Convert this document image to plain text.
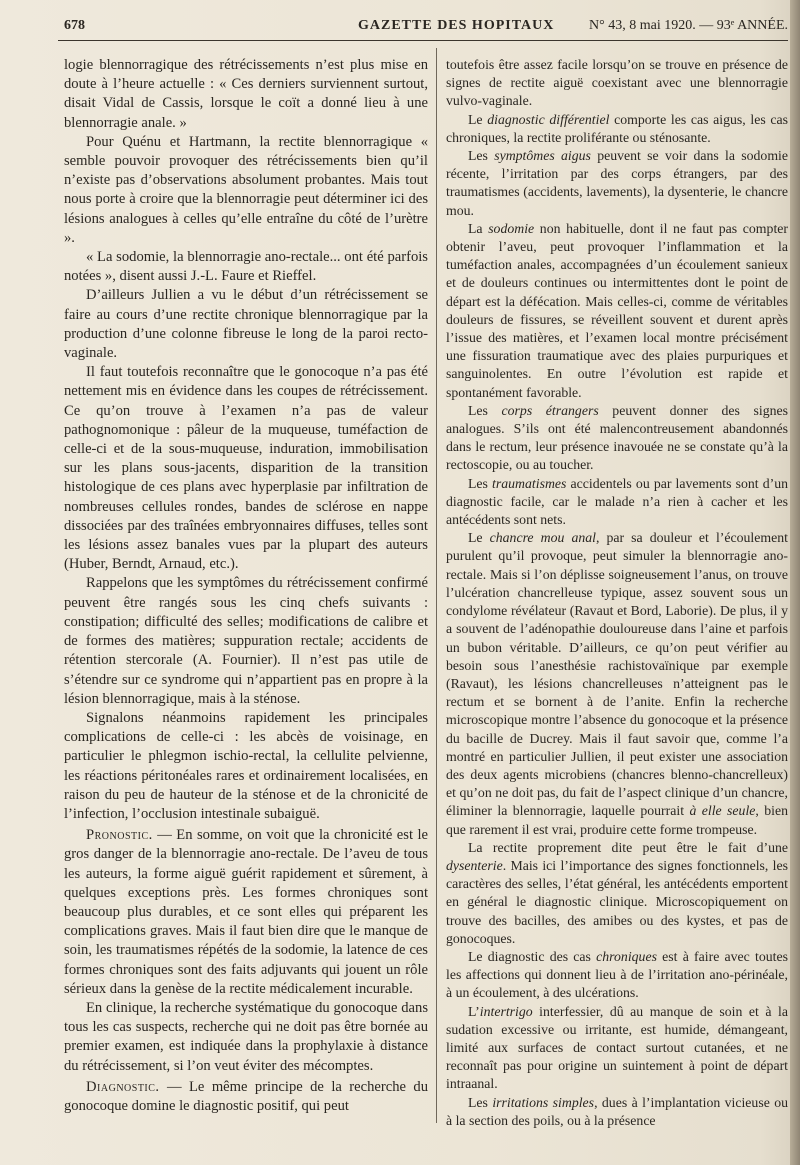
678	GAZETTE DES HOPITAUX N° 43, 8 mai 1920. — 93ᵉ ANNÉE.

logie blennorragique des rétrécissements n’est plus mise en doute à l’heure actuelle : « Ces derniers surviennent surtout, disait Vidal de Cassis, lorsque le coït a donné lieu à une blennorragie anale. »

Pour Quénu et Hartmann, la rectite blennorragique « semble pouvoir provoquer des rétrécissements bien qu’il n’existe pas d’observations absolument probantes. Mais tout nous porte à croire que la blennorragie peut déterminer ici des lésions analogues à celles qu’elle entraîne du côté de l’urètre ».

« La sodomie, la blennorragie ano-rectale... ont été parfois notées », disent aussi J.-L. Faure et Rieffel.

D’ailleurs Jullien a vu le début d’un rétrécissement se faire au cours d’une rectite chronique blennorragique par la production d’une colonne fibreuse le long de la paroi recto-vaginale.

Il faut toutefois reconnaître que le gonocoque n’a pas été nettement mis en évidence dans les coupes de rétrécissement. Ce qu’on trouve à l’examen n’a pas de valeur pathognomonique : pâleur de la muqueuse, tuméfaction de celle-ci et de la sous-muqueuse, induration, immobilisation sur les plans sous-jacents, disparition de la transition histologique de ces plans avec hyperplasie par infiltration de nombreuses cellules rondes, bandes de sclérose en nappe dissociées par des traînées embryonnaires diffuses, telles sont les lésions assez banales vues par la plupart des auteurs (Huber, Berndt, Arnaud, etc.).

Rappelons que les symptômes du rétrécissement confirmé peuvent être rangés sous les cinq chefs suivants : constipation; difficulté des selles; modifications de calibre et de formes des matières; suppuration rectale; accidents de rétention stercorale (A. Fournier). Il n’est pas utile de s’étendre sur ce syndrome qui n’appartient pas en propre à la lésion blennorragique, mais à la sténose.

Signalons néanmoins rapidement les principales complications de celle-ci : les abcès de voisinage, en particulier le phlegmon ischio-rectal, la cellulite pelvienne, les réactions péritonéales rares et ordinairement localisées, en raison du peu de hauteur de la sténose et de la chronicité de l’infection, l’occlusion intestinale subaiguë.

Pronostic. — En somme, on voit que la chronicité est le gros danger de la blennorragie ano-rectale. De l’aveu de tous les auteurs, la forme aiguë guérit rapidement et sûrement, à quelques exceptions près. Les formes chroniques sont beaucoup plus durables, et ce sont elles qui préparent les complications graves. Mais il faut bien dire que le manque de soin, les traumatismes répétés de la sodomie, la latence de ces formes chroniques sont des faits adjuvants qui jouent un rôle sérieux dans la genèse de la rectite médicalement incurable.

En clinique, la recherche systématique du gonocoque dans tous les cas suspects, recherche qui ne doit pas être bornée au premier examen, est indiquée dans la prophylaxie à distance du rétrécissement, si l’on veut éviter des mécomptes.

Diagnostic. — Le même principe de la recherche du gonocoque domine le diagnostic positif, qui peut

toutefois être assez facile lorsqu’on se trouve en présence de signes de rectite aiguë coexistant avec une blennorragie vulvo-vaginale.

Le diagnostic différentiel comporte les cas aigus, les cas chroniques, la rectite proliférante ou sténosante.

Les symptômes aigus peuvent se voir dans la sodomie récente, l’irritation par des corps étrangers, par des traumatismes (accidents, lavements), la dysenterie, le chancre mou.

La sodomie non habituelle, dont il ne faut pas compter obtenir l’aveu, peut provoquer l’inflammation et la tuméfaction anales, accompagnées d’un écoulement sanieux et de douleurs continues ou intermittentes dont le point de départ est la défécation. Mais celles-ci, comme de véritables douleurs de fissures, se réveillent souvent et durent après l’issue des matières, et l’examen local montre précisément une fissuration traumatique avec des plaies purpuriques et sanguinolentes. En outre l’évolution est rapide et spontanément favorable.

Les corps étrangers peuvent donner des signes analogues. S’ils ont été malencontreusement abandonnés dans le rectum, leur présence inavouée ne se constate qu’à la rectoscopie, ou au toucher.

Les traumatismes accidentels ou par lavements sont d’un diagnostic facile, car le malade n’a rien à cacher et les antécédents sont nets.

Le chancre mou anal, par sa douleur et l’écoulement purulent qu’il provoque, peut simuler la blennorragie ano-rectale. Mais si l’on déplisse soigneusement l’anus, on trouve l’ulcération chancrelleuse typique, assez souvent sous un condylome révélateur (Ravaut et Bord, Laborie). De plus, il y a souvent de l’adénopathie douloureuse dans l’aine et parfois un bubon véritable. D’ailleurs, ce qu’on peut vérifier au besoin sous l’anesthésie rachistovaïnique par exemple (Ravaut), les lésions chancrelleuses n’atteignent pas le rectum et se bornent à de l’anite. Enfin la recherche microscopique montre l’absence du gonocoque et la présence du bacille de Ducrey. Mais il faut savoir que, comme l’a montré en particulier Jullien, il peut exister une association des deux agents microbiens (chancres blenno-chancrelleux) et qu’on ne doit pas, du fait de l’aspect clinique d’un chancre, éliminer la blennorragie, laquelle pourrait à elle seule, bien que rarement il est vrai, produire cette forme trompeuse.

La rectite proprement dite peut être le fait d’une dysenterie. Mais ici l’importance des signes fonctionnels, les caractères des selles, l’état général, les antécédents emportent en général le diagnostic clinique. Microscopiquement on trouve des bacilles, des amibes ou des kystes, et pas de gonocoques.

Le diagnostic des cas chroniques est à faire avec toutes les affections qui donnent lieu à de l’irritation ano-périnéale, à un écoulement, à des ulcérations.

L’intertrigo interfessier, dû au manque de soin et à la sudation excessive ou irritante, est humide, démangeant, limité aux surfaces de contact surtout cutanées, et ne reconnaît pas pour origine un suintement à point de départ intraanal.

Les irritations simples, dues à l’implantation vicieuse ou à la section des poils, ou à la présence
